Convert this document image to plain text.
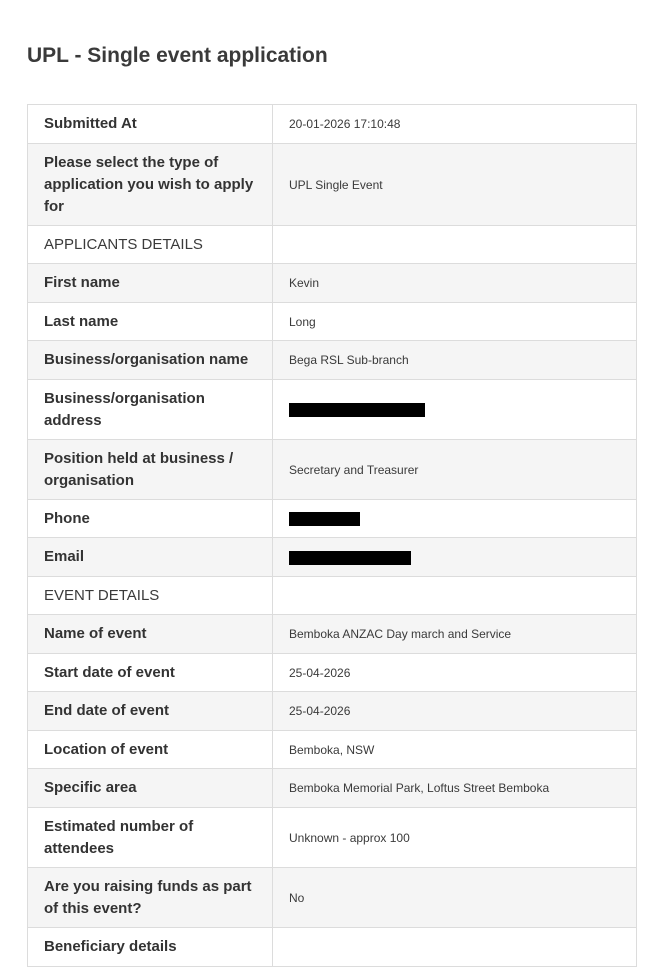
UPL - Single event application
Submitted At	20-01-2026 17:10:48
Please select the type of application you wish to apply for	UPL Single Event
APPLICANTS DETAILS	
First name	Kevin
Last name	Long
Business/organisation name	Bega RSL Sub-branch
Business/organisation address	
Position held at business / organisation	Secretary and Treasurer
Phone	
Email	
EVENT DETAILS	
Name of event	Bemboka ANZAC Day march and Service
Start date of event	25-04-2026
End date of event	25-04-2026
Location of event	Bemboka, NSW
Specific area	Bemboka Memorial Park, Loftus Street Bemboka
Estimated number of attendees	Unknown - approx 100
Are you raising funds as part of this event?	No
Beneficiary details	
